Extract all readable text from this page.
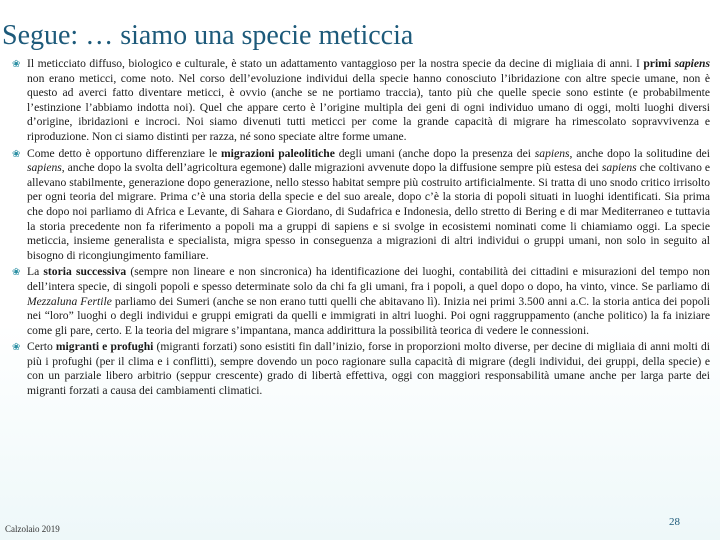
Segue: … siamo una specie meticcia
❀ Il meticciato diffuso, biologico e culturale, è stato un adattamento vantaggioso per la nostra specie da decine di migliaia di anni. I primi sapiens non erano meticci, come noto. Nel corso dell’evoluzione individui della specie hanno conosciuto l’ibridazione con altre specie umane, non è questo ad averci fatto diventare meticci, è ovvio (anche se ne portiamo traccia), tanto più che quelle specie sono estinte (e probabilmente l’estinzione l’abbiamo indotta noi). Quel che appare certo è l’origine multipla dei geni di ogni individuo umano di oggi, molti luoghi diversi d’origine, ibridazioni e incroci. Noi siamo divenuti tutti meticci per come la grande capacità di migrare ha rimescolato sopravvivenza e riproduzione. Non ci siamo distinti per razza, né sono speciate altre forme umane.
❀ Come detto è opportuno differenziare le migrazioni paleolitiche degli umani (anche dopo la presenza dei sapiens, anche dopo la solitudine dei sapiens, anche dopo la svolta dell’agricoltura egemone) dalle migrazioni avvenute dopo la diffusione sempre più estesa dei sapiens che coltivano e allevano stabilmente, generazione dopo generazione, nello stesso habitat sempre più costruito artificialmente. Si tratta di uno snodo critico irrisolto per ogni teoria del migrare. Prima c’è una storia della specie e del suo areale, dopo c’è la storia di popoli situati in luoghi identificati. Sia prima che dopo noi parliamo di Africa e Levante, di Sahara e Giordano, di Sudafrica e Indonesia, dello stretto di Bering e di mar Mediterraneo e tuttavia la storia precedente non fa riferimento a popoli ma a gruppi di sapiens e si svolge in ecosistemi nominati come li chiamiamo oggi. La specie meticcia, insieme generalista e specialista, migra spesso in conseguenza a migrazioni di altri individui o gruppi umani, non solo in seguito al bisogno di ricongiungimento familiare.
❀ La storia successiva (sempre non lineare e non sincronica) ha identificazione dei luoghi, contabilità dei cittadini e misurazioni del tempo non dell’intera specie, di singoli popoli e spesso determinate solo da chi fa gli umani, fra i popoli, a quel dopo o dopo, ha vinto, vince. Se parliamo di Mezzaluna Fertile parliamo dei Sumeri (anche se non erano tutti quelli che abitavano lì). Inizia nei primi 3.500 anni a.C. la storia antica dei popoli nei “loro” luoghi o degli individui e gruppi emigrati da quelli e immigrati in altri luoghi. Poi ogni raggruppamento (anche politico) la fa iniziare come gli pare, certo. E la teoria del migrare s’impantana, manca addirittura la possibilità teorica di vedere le connessioni.
❀ Certo migranti e profughi (migranti forzati) sono esistiti fin dall’inizio, forse in proporzioni molto diverse, per decine di migliaia di anni molti di più i profughi (per il clima e i conflitti), sempre dovendo un poco ragionare sulla capacità di migrare (degli individui, dei gruppi, della specie) e con un parziale libero arbitrio (seppur crescente) grado di libertà effettiva, oggi con maggiori responsabilità umane anche per larga parte dei migranti forzati a causa dei cambiamenti climatici.
Calzolaio 2019
28
